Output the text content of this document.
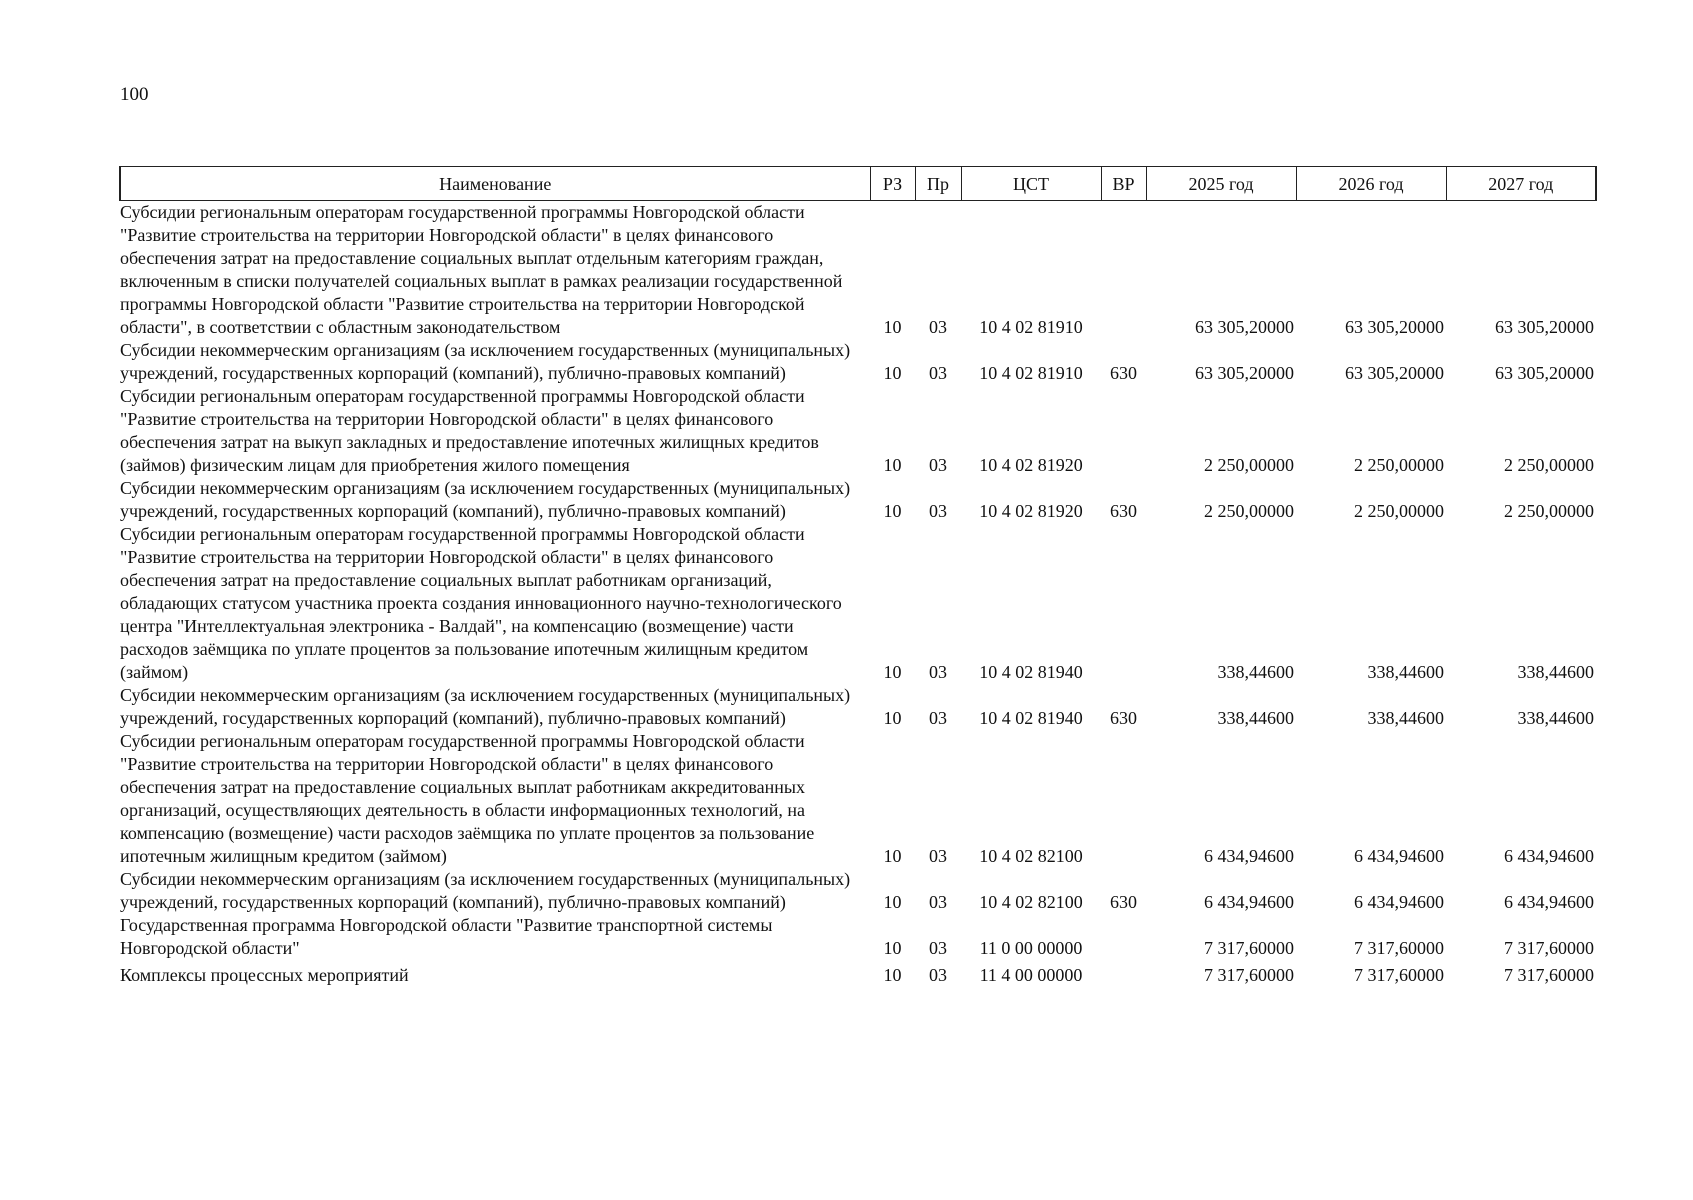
100
Наименование	РЗ	Пр	ЦСТ	ВР	2025 год	2026 год	2027 год
Субсидии региональным операторам государственной программы Новгородской области "Развитие строительства на территории Новгородской области" в целях финансового обеспечения затрат на предоставление социальных выплат отдельным категориям граждан, включенным в списки получателей социальных выплат в рамках реализации государственной программы Новгородской области "Развитие строительства на территории Новгородской области", в соответствии с областным законодательством	10	03	10 4 02 81910		63 305,20000	63 305,20000	63 305,20000
Субсидии некоммерческим организациям (за исключением государственных (муниципальных) учреждений, государственных корпораций (компаний), публично-правовых компаний)	10	03	10 4 02 81910	630	63 305,20000	63 305,20000	63 305,20000
Субсидии региональным операторам государственной программы Новгородской области "Развитие строительства на территории Новгородской области" в целях финансового обеспечения затрат на выкуп закладных и предоставление ипотечных жилищных кредитов (займов) физическим лицам для приобретения жилого помещения	10	03	10 4 02 81920		2 250,00000	2 250,00000	2 250,00000
Субсидии некоммерческим организациям (за исключением государственных (муниципальных) учреждений, государственных корпораций (компаний), публично-правовых компаний)	10	03	10 4 02 81920	630	2 250,00000	2 250,00000	2 250,00000
Субсидии региональным операторам государственной программы Новгородской области "Развитие строительства на территории Новгородской области" в целях финансового обеспечения затрат на предоставление социальных выплат работникам организаций, обладающих статусом участника проекта создания инновационного научно-технологического центра "Интеллектуальная электроника - Валдай", на компенсацию (возмещение) части расходов заёмщика по уплате процентов за пользование ипотечным жилищным кредитом (займом)	10	03	10 4 02 81940		338,44600	338,44600	338,44600
Субсидии некоммерческим организациям (за исключением государственных (муниципальных) учреждений, государственных корпораций (компаний), публично-правовых компаний)	10	03	10 4 02 81940	630	338,44600	338,44600	338,44600
Субсидии региональным операторам государственной программы Новгородской области "Развитие строительства на территории Новгородской области" в целях финансового обеспечения затрат на предоставление социальных выплат работникам аккредитованных организаций, осуществляющих деятельность в области информационных технологий, на компенсацию (возмещение) части расходов заёмщика по уплате процентов за пользование ипотечным жилищным кредитом (займом)	10	03	10 4 02 82100		6 434,94600	6 434,94600	6 434,94600
Субсидии некоммерческим организациям (за исключением государственных (муниципальных) учреждений, государственных корпораций (компаний), публично-правовых компаний)	10	03	10 4 02 82100	630	6 434,94600	6 434,94600	6 434,94600
Государственная программа Новгородской области "Развитие транспортной системы Новгородской области"	10	03	11 0 00 00000		7 317,60000	7 317,60000	7 317,60000
Комплексы процессных мероприятий	10	03	11 4 00 00000		7 317,60000	7 317,60000	7 317,60000
